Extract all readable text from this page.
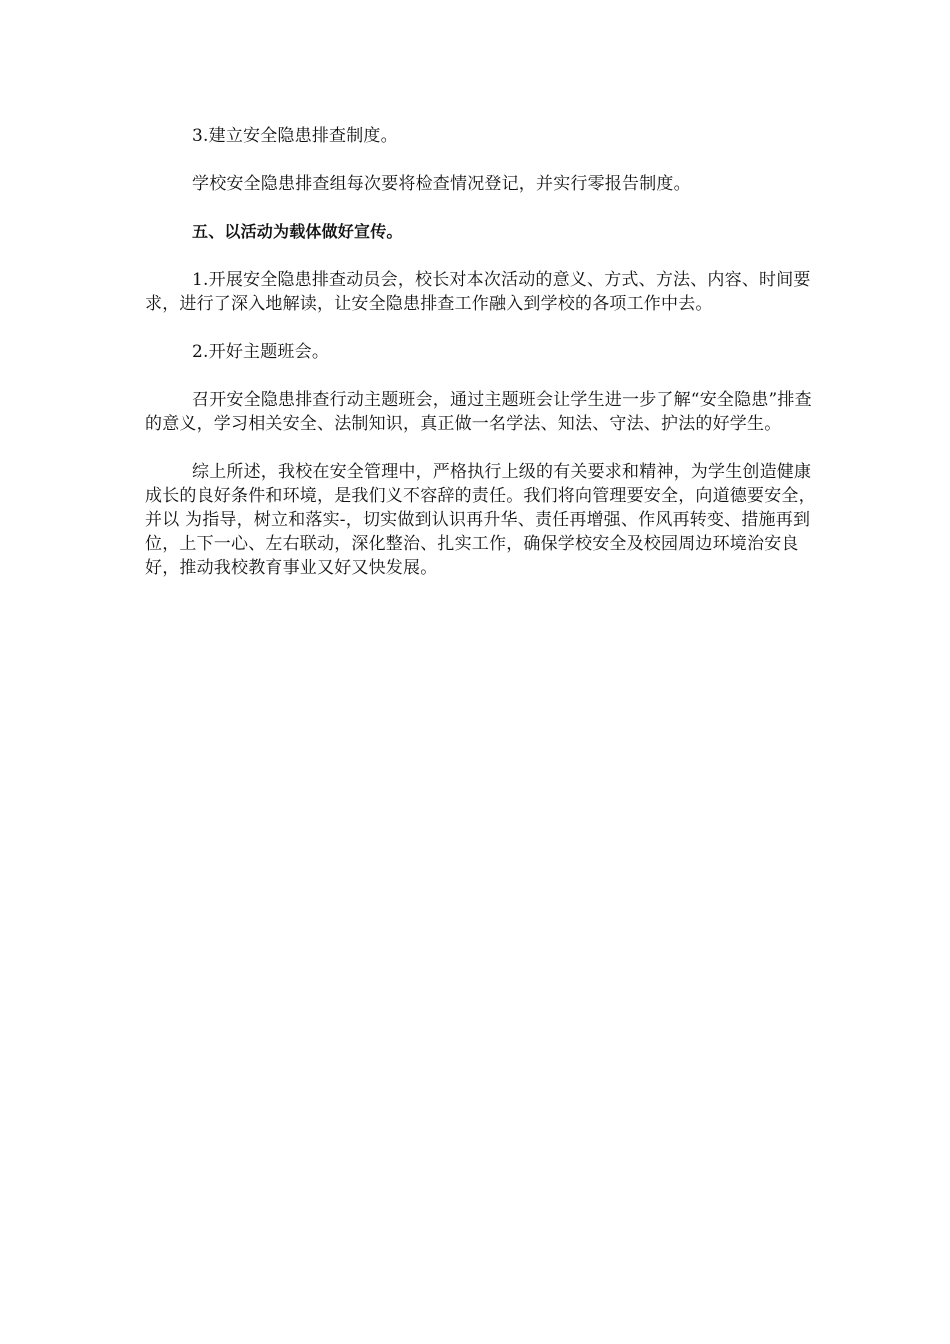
3.建立安全隐患排查制度。

学校安全隐患排查组每次要将检查情况登记，并实行零报告制度。

五、以活动为载体做好宣传。

1.开展安全隐患排查动员会，校长对本次活动的意义、方式、方法、内容、时间要求，进行了深入地解读，让安全隐患排查工作融入到学校的各项工作中去。

2.开好主题班会。

召开安全隐患排查行动主题班会，通过主题班会让学生进一步了解“安全隐患”排查的意义，学习相关安全、法制知识，真正做一名学法、知法、守法、护法的好学生。

综上所述，我校在安全管理中，严格执行上级的有关要求和精神，为学生创造健康成长的良好条件和环境，是我们义不容辞的责任。我们将向管理要安全，向道德要安全，并以 为指导，树立和落实-，切实做到认识再升华、责任再增强、作风再转变、措施再到位，上下一心、左右联动，深化整治、扎实工作，确保学校安全及校园周边环境治安良好，推动我校教育事业又好又快发展。
